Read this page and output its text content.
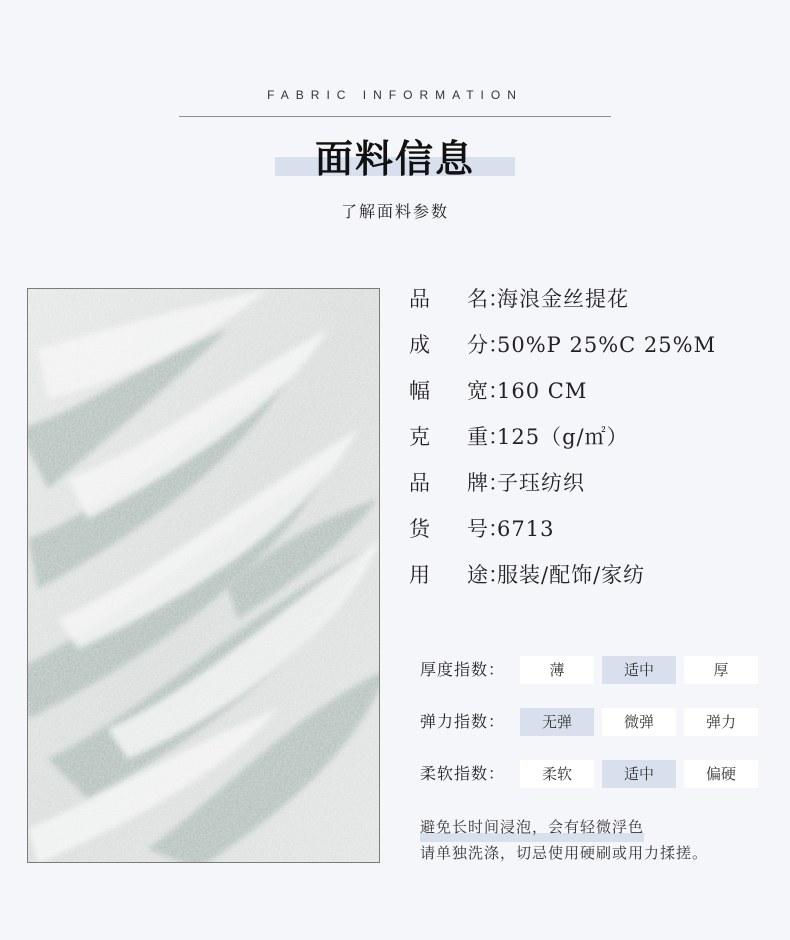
FABRIC INFORMATION
面料信息
了解面料参数
品 名：
海浪金丝提花
成 分：
50%P 25%C 25%M
幅 宽：
160 CM
克 重：
125（g/㎡）
品 牌：
子珏纺织
货 号：
6713
用 途：
服装/配饰/家纺
厚度指数：	薄	适中	厚
弹力指数：	无弹	微弹	弹力
柔软指数：	柔软	适中	偏硬
避免长时间浸泡，会有轻微浮色
请单独洗涤，切忌使用硬刷或用力揉搓。
